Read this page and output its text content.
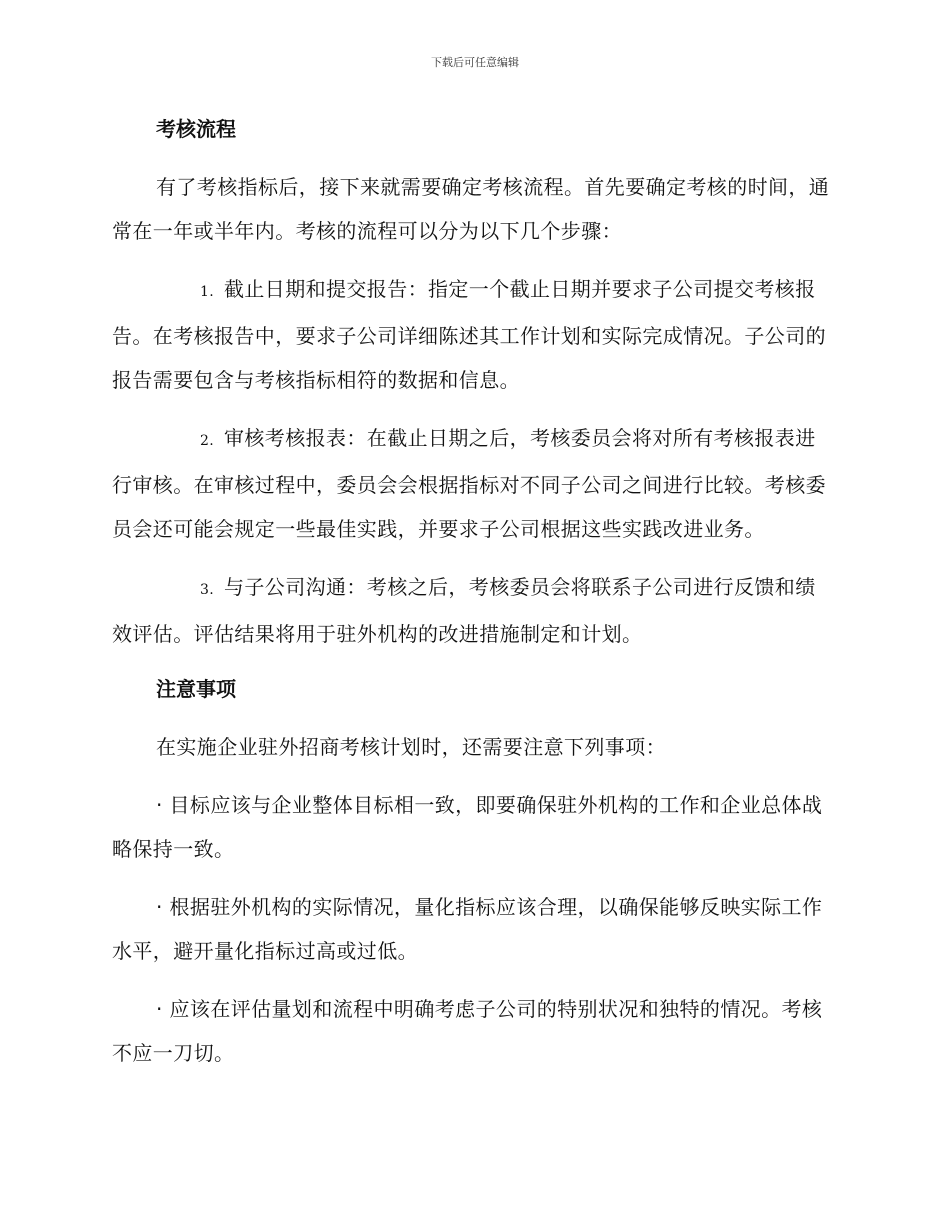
下载后可任意编辑
考核流程

有了考核指标后，接下来就需要确定考核流程。首先要确定考核的时间，通常在一年或半年内。考核的流程可以分为以下几个步骤：

1. 截止日期和提交报告：指定一个截止日期并要求子公司提交考核报告。在考核报告中，要求子公司详细陈述其工作计划和实际完成情况。子公司的报告需要包含与考核指标相符的数据和信息。

2. 审核考核报表：在截止日期之后，考核委员会将对所有考核报表进行审核。在审核过程中，委员会会根据指标对不同子公司之间进行比较。考核委员会还可能会规定一些最佳实践，并要求子公司根据这些实践改进业务。

3. 与子公司沟通：考核之后，考核委员会将联系子公司进行反馈和绩效评估。评估结果将用于驻外机构的改进措施制定和计划。

注意事项

在实施企业驻外招商考核计划时，还需要注意下列事项：

· 目标应该与企业整体目标相一致，即要确保驻外机构的工作和企业总体战略保持一致。

· 根据驻外机构的实际情况，量化指标应该合理，以确保能够反映实际工作水平，避开量化指标过高或过低。

· 应该在评估量划和流程中明确考虑子公司的特别状况和独特的情况。考核不应一刀切。
